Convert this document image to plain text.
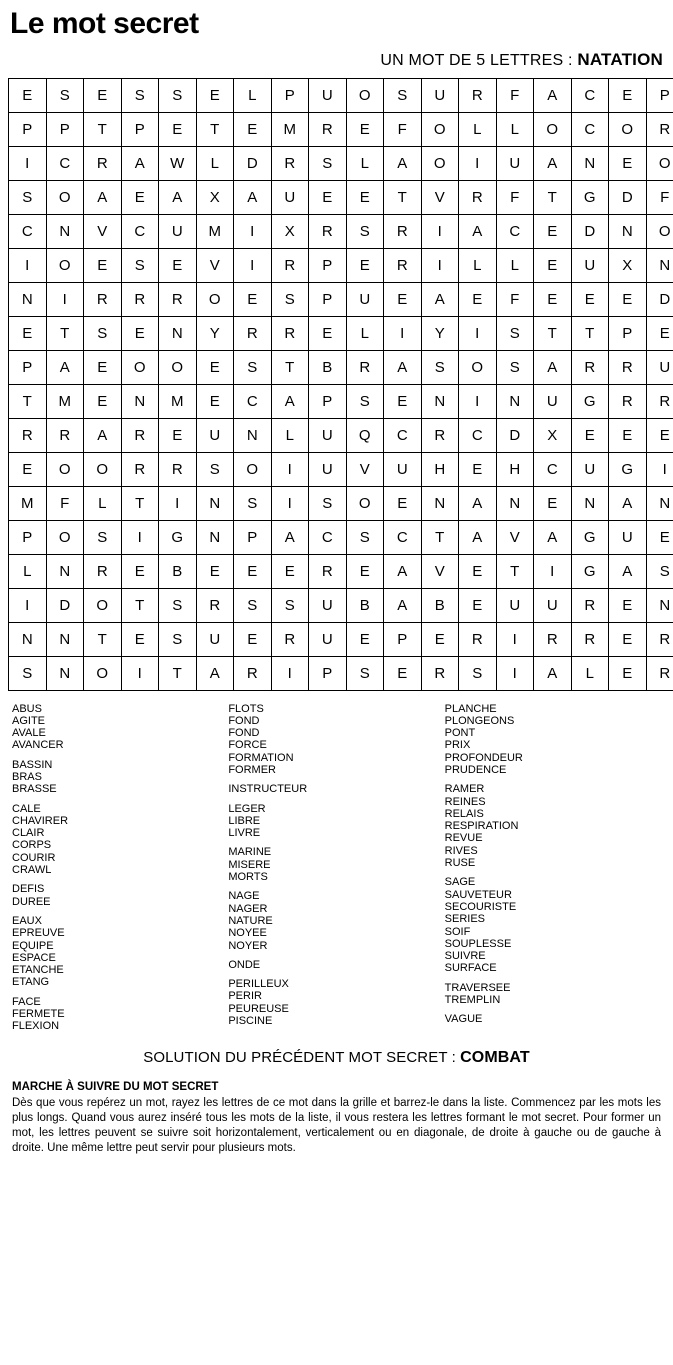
Le mot secret
UN MOT DE 5 LETTRES : NATATION
E	S	E	S	S	E	L	P	U	O	S	U	R	F	A	C	E	P
P	P	T	P	E	T	E	M	R	E	F	O	L	L	O	C	O	R
I	C	R	A	W	L	D	R	S	L	A	O	I	U	A	N	E	O
S	O	A	E	A	X	A	U	E	E	T	V	R	F	T	G	D	F
C	N	V	C	U	M	I	X	R	S	R	I	A	C	E	D	N	O
I	O	E	S	E	V	I	R	P	E	R	I	L	L	E	U	X	N
N	I	R	R	R	O	E	S	P	U	E	A	E	F	E	E	E	D
E	T	S	E	N	Y	R	R	E	L	I	Y	I	S	T	T	P	E
P	A	E	O	O	E	S	T	B	R	A	S	O	S	A	R	R	U
T	M	E	N	M	E	C	A	P	S	E	N	I	N	U	G	R	R
R	R	A	R	E	U	N	L	U	Q	C	R	C	D	X	E	E	E
E	O	O	R	R	S	O	I	U	V	U	H	E	H	C	U	G	I
M	F	L	T	I	N	S	I	S	O	E	N	A	N	E	N	A	N
P	O	S	I	G	N	P	A	C	S	C	T	A	V	A	G	U	E
L	N	R	E	B	E	E	E	R	E	A	V	E	T	I	G	A	S
I	D	O	T	S	R	S	S	U	B	A	B	E	U	U	R	E	N
N	N	T	E	S	U	E	R	U	E	P	E	R	I	R	R	E	R
S	N	O	I	T	A	R	I	P	S	E	R	S	I	A	L	E	R
ABUS
AGITE
AVALE
AVANCER
BASSIN
BRAS
BRASSE
CALE
CHAVIRER
CLAIR
CORPS
COURIR
CRAWL
DEFIS
DUREE
EAUX
EPREUVE
EQUIPE
ESPACE
ETANCHE
ETANG
FACE
FERMETE
FLEXION
FLOTS
FOND
FOND
FORCE
FORMATION
FORMER
INSTRUCTEUR
LEGER
LIBRE
LIVRE
MARINE
MISERE
MORTS
NAGE
NAGER
NATURE
NOYEE
NOYER
ONDE
PERILLEUX
PERIR
PEUREUSE
PISCINE
PLANCHE
PLONGEONS
PONT
PRIX
PROFONDEUR
PRUDENCE
RAMER
REINES
RELAIS
RESPIRATION
REVUE
RIVES
RUSE
SAGE
SAUVETEUR
SECOURISTE
SERIES
SOIF
SOUPLESSE
SUIVRE
SURFACE
TRAVERSEE
TREMPLIN
VAGUE
SOLUTION DU PRÉCÉDENT MOT SECRET : COMBAT
MARCHE À SUIVRE DU MOT SECRET
Dès que vous repérez un mot, rayez les lettres de ce mot dans la grille et barrez-le dans la liste. Commencez par les mots les plus longs. Quand vous aurez inséré tous les mots de la liste, il vous restera les lettres formant le mot secret. Pour former un mot, les lettres peuvent se suivre soit horizontalement, verticalement ou en diagonale, de droite à gauche ou de gauche à droite. Une même lettre peut servir pour plusieurs mots.
